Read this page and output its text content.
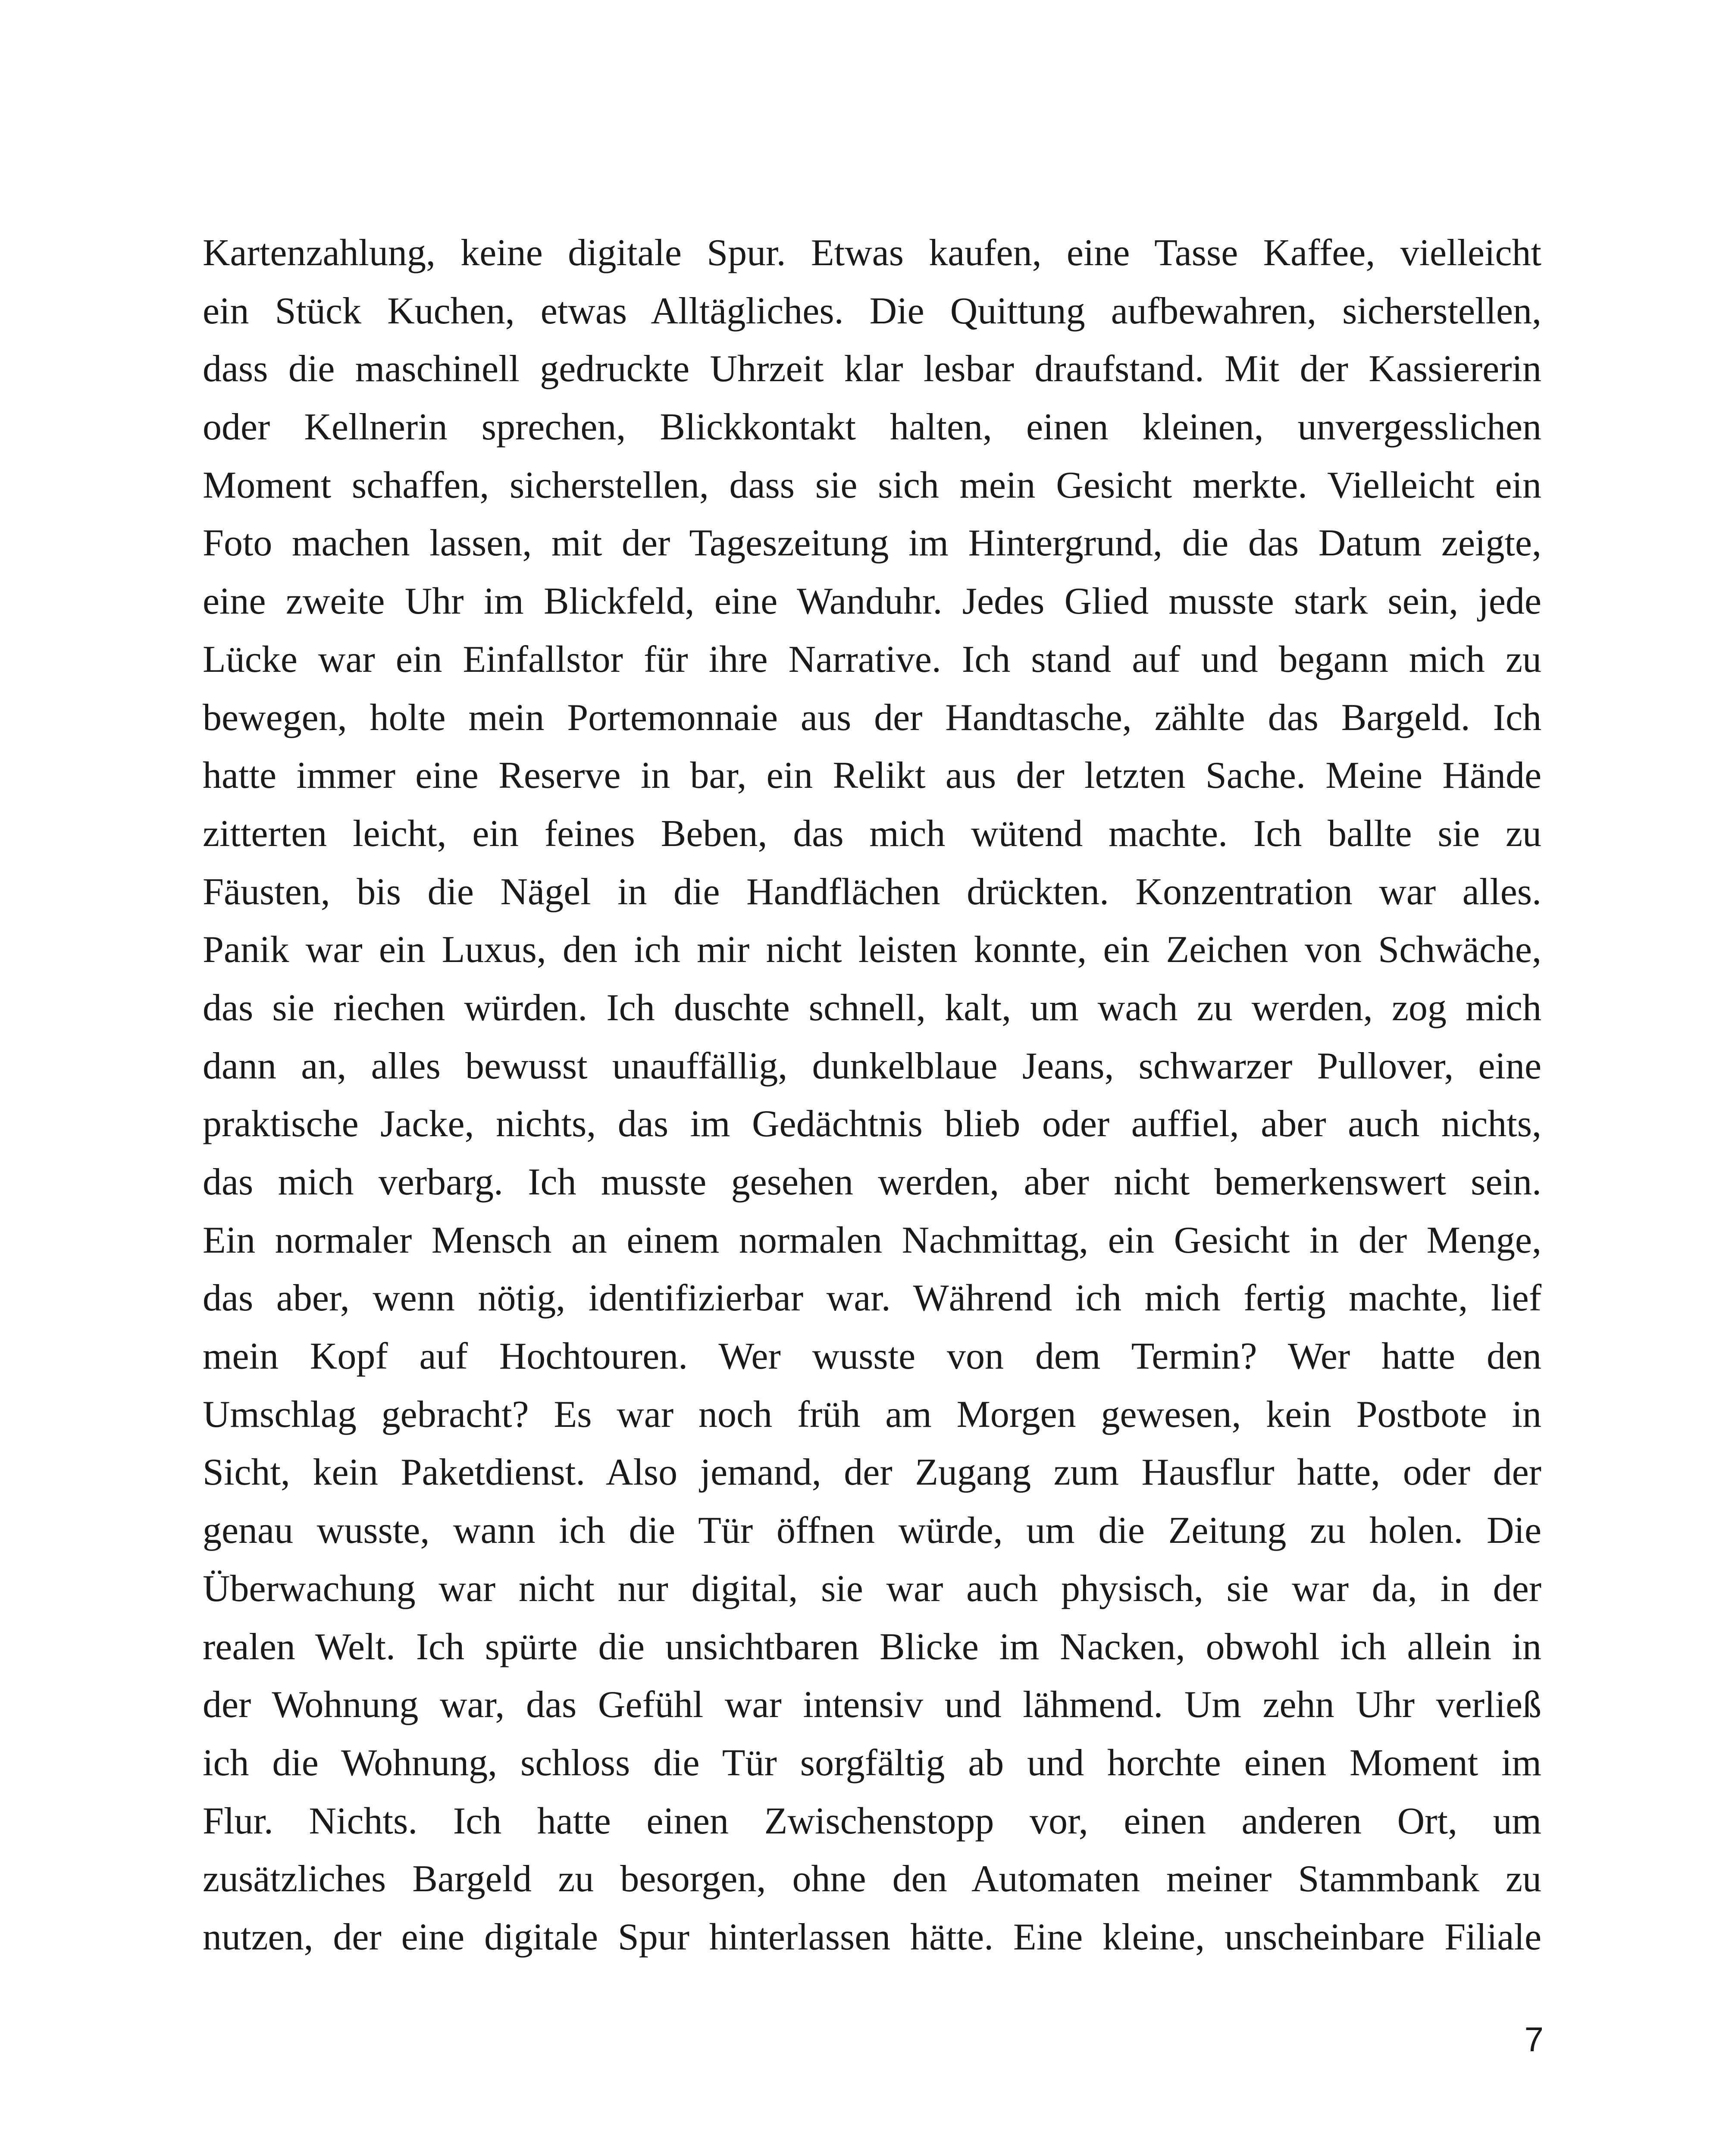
Kartenzahlung, keine digitale Spur. Etwas kaufen, eine Tasse Kaffee, vielleicht
ein Stück Kuchen, etwas Alltägliches. Die Quittung aufbewahren, sicherstellen,
dass die maschinell gedruckte Uhrzeit klar lesbar draufstand. Mit der Kassiererin
oder Kellnerin sprechen, Blickkontakt halten, einen kleinen, unvergesslichen
Moment schaffen, sicherstellen, dass sie sich mein Gesicht merkte. Vielleicht ein
Foto machen lassen, mit der Tageszeitung im Hintergrund, die das Datum zeigte,
eine zweite Uhr im Blickfeld, eine Wanduhr. Jedes Glied musste stark sein, jede
Lücke war ein Einfallstor für ihre Narrative. Ich stand auf und begann mich zu
bewegen, holte mein Portemonnaie aus der Handtasche, zählte das Bargeld. Ich
hatte immer eine Reserve in bar, ein Relikt aus der letzten Sache. Meine Hände
zitterten leicht, ein feines Beben, das mich wütend machte. Ich ballte sie zu
Fäusten, bis die Nägel in die Handflächen drückten. Konzentration war alles.
Panik war ein Luxus, den ich mir nicht leisten konnte, ein Zeichen von Schwäche,
das sie riechen würden. Ich duschte schnell, kalt, um wach zu werden, zog mich
dann an, alles bewusst unauffällig, dunkelblaue Jeans, schwarzer Pullover, eine
praktische Jacke, nichts, das im Gedächtnis blieb oder auffiel, aber auch nichts,
das mich verbarg. Ich musste gesehen werden, aber nicht bemerkenswert sein.
Ein normaler Mensch an einem normalen Nachmittag, ein Gesicht in der Menge,
das aber, wenn nötig, identifizierbar war. Während ich mich fertig machte, lief
mein Kopf auf Hochtouren. Wer wusste von dem Termin? Wer hatte den
Umschlag gebracht? Es war noch früh am Morgen gewesen, kein Postbote in
Sicht, kein Paketdienst. Also jemand, der Zugang zum Hausflur hatte, oder der
genau wusste, wann ich die Tür öffnen würde, um die Zeitung zu holen. Die
Überwachung war nicht nur digital, sie war auch physisch, sie war da, in der
realen Welt. Ich spürte die unsichtbaren Blicke im Nacken, obwohl ich allein in
der Wohnung war, das Gefühl war intensiv und lähmend. Um zehn Uhr verließ
ich die Wohnung, schloss die Tür sorgfältig ab und horchte einen Moment im
Flur. Nichts. Ich hatte einen Zwischenstopp vor, einen anderen Ort, um
zusätzliches Bargeld zu besorgen, ohne den Automaten meiner Stammbank zu
nutzen, der eine digitale Spur hinterlassen hätte. Eine kleine, unscheinbare Filiale
7
